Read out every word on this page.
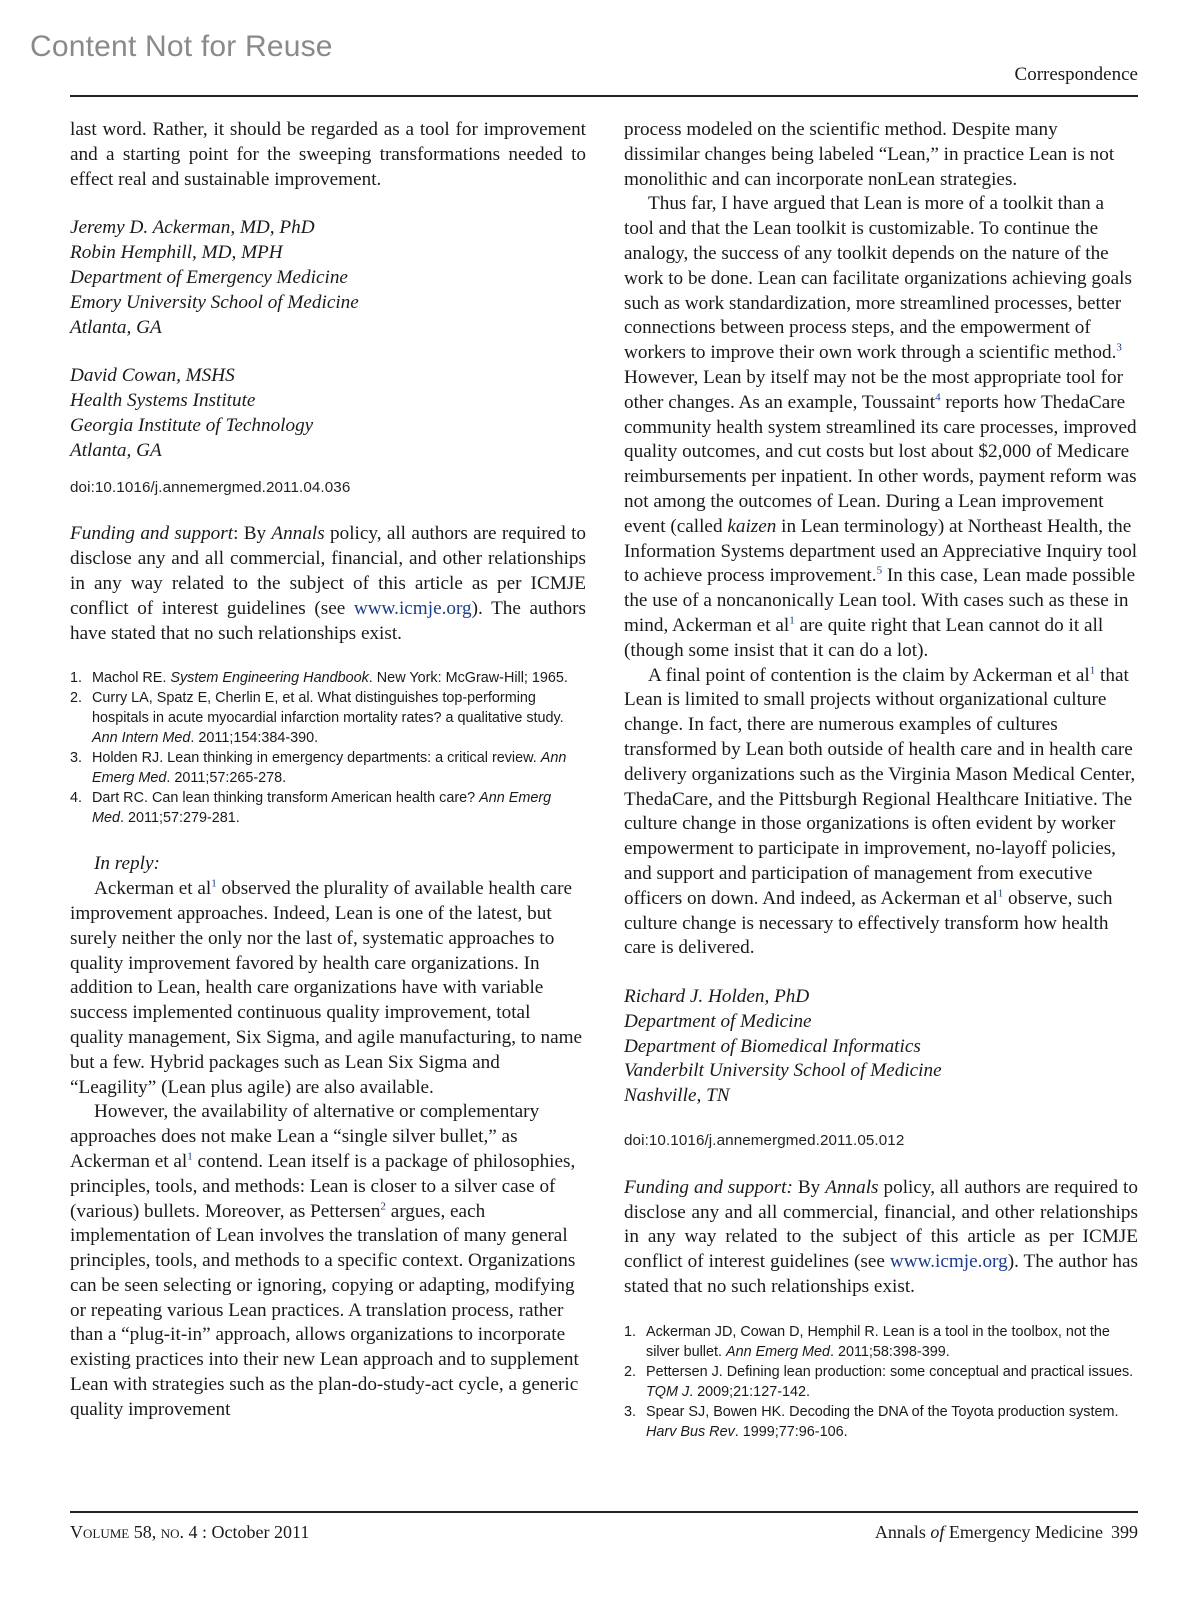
Content Not for Reuse
Correspondence

last word. Rather, it should be regarded as a tool for improvement and a starting point for the sweeping transformations needed to effect real and sustainable improvement.

Jeremy D. Ackerman, MD, PhD
Robin Hemphill, MD, MPH
Department of Emergency Medicine
Emory University School of Medicine
Atlanta, GA
David Cowan, MSHS
Health Systems Institute
Georgia Institute of Technology
Atlanta, GA
doi:10.1016/j.annemergmed.2011.04.036

Funding and support: By Annals policy, all authors are required to disclose any and all commercial, financial, and other relationships in any way related to the subject of this article as per ICMJE conflict of interest guidelines (see www.icmje.org). The authors have stated that no such relationships exist.

1. Machol RE. System Engineering Handbook. New York: McGraw-Hill; 1965.
2. Curry LA, Spatz E, Cherlin E, et al. What distinguishes top-performing hospitals in acute myocardial infarction mortality rates? a qualitative study. Ann Intern Med. 2011;154:384-390.
3. Holden RJ. Lean thinking in emergency departments: a critical review. Ann Emerg Med. 2011;57:265-278.
4. Dart RC. Can lean thinking transform American health care? Ann Emerg Med. 2011;57:279-281.
In reply:

Ackerman et $al^1$ observed the plurality of available health care improvement approaches. Indeed, Lean is one of the latest, but surely neither the only nor the last of, systematic approaches to quality improvement favored by health care organizations. In addition to Lean, health care organizations have with variable success implemented continuous quality improvement, total quality management, Six Sigma, and agile manufacturing, to name but a few. Hybrid packages such as Lean Six Sigma and “Leagility” (Lean plus agile) are also available.

However, the availability of alternative or complementary approaches does not make Lean a “single silver bullet,” as Ackerman et $al^1$ contend. Lean itself is a package of philosophies, principles, tools, and methods: Lean is closer to a silver case of (various) bullets. Moreover, as Pettersen$^2$ argues, each implementation of Lean involves the translation of many general principles, tools, and methods to a specific context. Organizations can be seen selecting or ignoring, copying or adapting, modifying or repeating various Lean practices. A translation process, rather than a “plug-it-in” approach, allows organizations to incorporate existing practices into their new Lean approach and to supplement Lean with strategies such as the plan-do-study-act cycle, a generic quality improvement

process modeled on the scientific method. Despite many dissimilar changes being labeled “Lean,” in practice Lean is not monolithic and can incorporate nonLean strategies.

Thus far, I have argued that Lean is more of a toolkit than a tool and that the Lean toolkit is customizable. To continue the analogy, the success of any toolkit depends on the nature of the work to be done. Lean can facilitate organizations achieving goals such as work standardization, more streamlined processes, better connections between process steps, and the empowerment of workers to improve their own work through a scientific method.$^3$ However, Lean by itself may not be the most appropriate tool for other changes. As an example, Toussaint$^4$ reports how ThedaCare community health system streamlined its care processes, improved quality outcomes, and cut costs but lost about $2,000 of Medicare reimbursements per inpatient. In other words, payment reform was not among the outcomes of Lean. During a Lean improvement event (called kaizen in Lean terminology) at Northeast Health, the Information Systems department used an Appreciative Inquiry tool to achieve process improvement.$^5$ In this case, Lean made possible the use of a noncanonically Lean tool. With cases such as these in mind, Ackerman et $al^1$ are quite right that Lean cannot do it all (though some insist that it can do a lot).

A final point of contention is the claim by Ackerman et $al^1$ that Lean is limited to small projects without organizational culture change. In fact, there are numerous examples of cultures transformed by Lean both outside of health care and in health care delivery organizations such as the Virginia Mason Medical Center, ThedaCare, and the Pittsburgh Regional Healthcare Initiative. The culture change in those organizations is often evident by worker empowerment to participate in improvement, no-layoff policies, and support and participation of management from executive officers on down. And indeed, as Ackerman et $al^1$ observe, such culture change is necessary to effectively transform how health care is delivered.

Richard J. Holden, PhD
Department of Medicine
Department of Biomedical Informatics
Vanderbilt University School of Medicine
Nashville, TN
doi:10.1016/j.annemergmed.2011.05.012

Funding and support: By Annals policy, all authors are required to disclose any and all commercial, financial, and other relationships in any way related to the subject of this article as per ICMJE conflict of interest guidelines (see www.icmje.org). The author has stated that no such relationships exist.

1. Ackerman JD, Cowan D, Hemphil R. Lean is a tool in the toolbox, not the silver bullet. Ann Emerg Med. 2011;58:398-399.
2. Pettersen J. Defining lean production: some conceptual and practical issues. TQM J. 2009;21:127-142.
3. Spear SJ, Bowen HK. Decoding the DNA of the Toyota production system. Harv Bus Rev. 1999;77:96-106.
Volume 58, no. 4 : October 2011	Annals of Emergency Medicine 399
